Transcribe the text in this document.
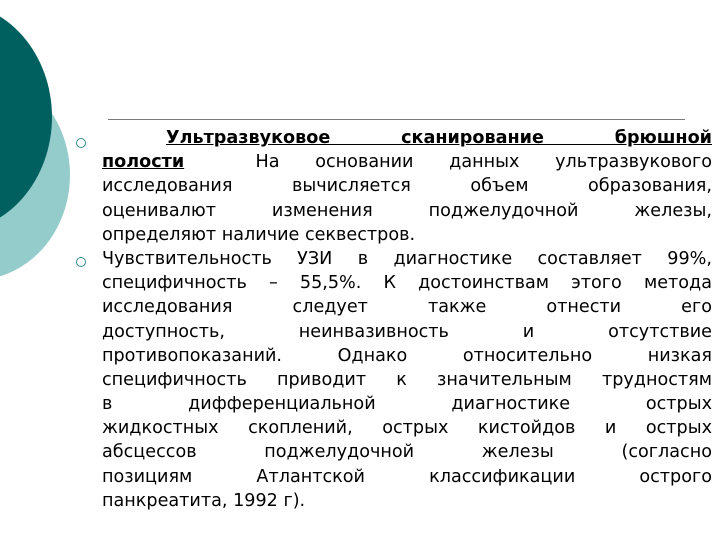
Ультразвуковое сканирование брюшной
полости	На основании данных ультразвукового
исследования вычисляется объем образования,
оценивалют изменения поджелудочной железы,
определяют наличие секвестров.
Чувствительность УЗИ в диагностике составляет 99%,
специфичность – 55,5%. К достоинствам этого метода
исследования следует также отнести его
доступность, неинвазивность и отсутствие
противопоказаний. Однако относительно низкая
специфичность приводит к значительным трудностям
в дифференциальной диагностике острых
жидкостных скоплений, острых кистойдов и острых
абсцессов поджелудочной железы (согласно
позициям Атлантской классификации острого
панкреатита, 1992 г).
